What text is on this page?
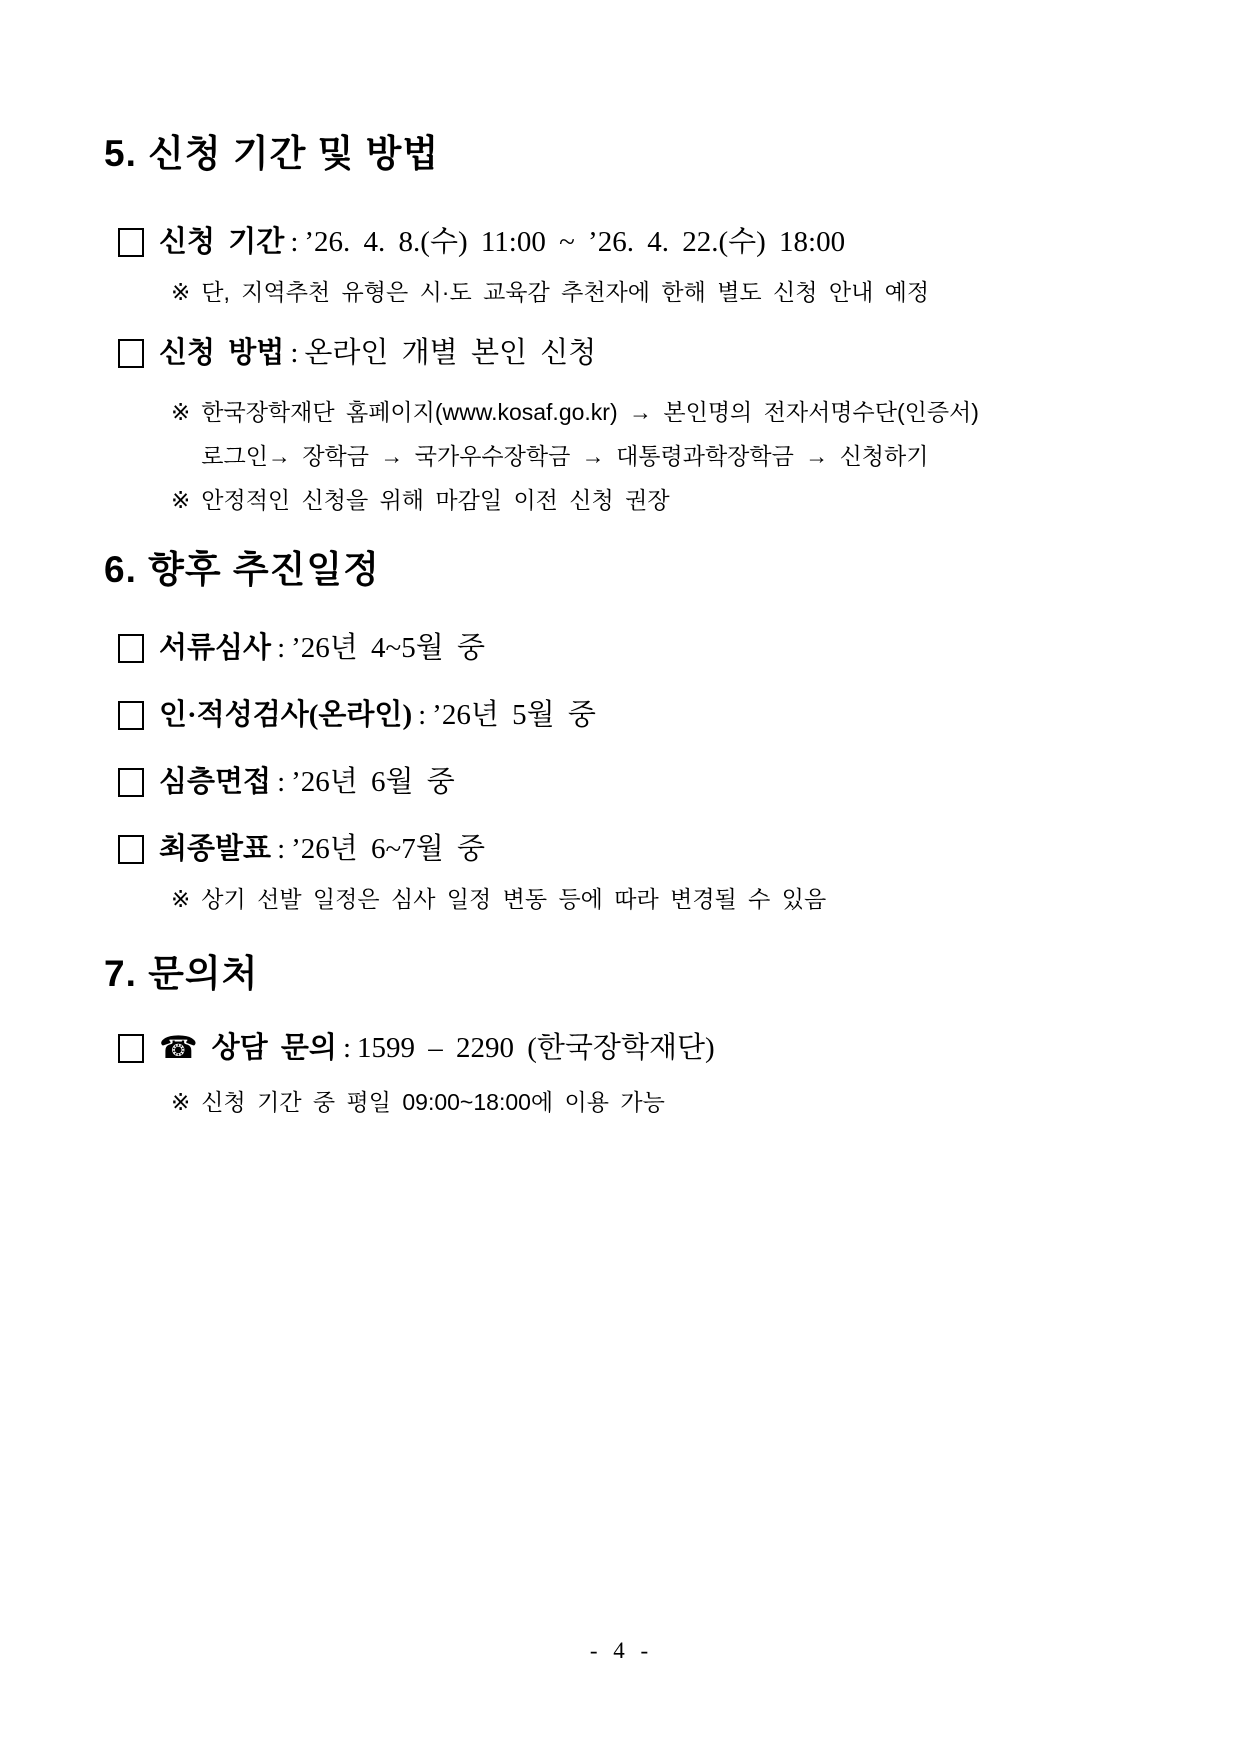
5. 신청 기간 및 방법
신청 기간 : ’26. 4. 8.(수) 11:00 ~ ’26. 4. 22.(수) 18:00
※ 단, 지역추천 유형은 시·도 교육감 추천자에 한해 별도 신청 안내 예정
신청 방법 : 온라인 개별 본인 신청
※ 한국장학재단 홈페이지(www.kosaf.go.kr) → 본인명의 전자서명수단(인증서)
로그인→ 장학금 → 국가우수장학금 → 대통령과학장학금 → 신청하기
※ 안정적인 신청을 위해 마감일 이전 신청 권장
6. 향후 추진일정
서류심사 : ’26년 4~5월 중
인·적성검사(온라인) : ’26년 5월 중
심층면접 : ’26년 6월 중
최종발표 : ’26년 6~7월 중
※ 상기 선발 일정은 심사 일정 변동 등에 따라 변경될 수 있음
7. 문의처
☎ 상담 문의 : 1599 – 2290 (한국장학재단)
※ 신청 기간 중 평일 09:00~18:00에 이용 가능
- 4 -
